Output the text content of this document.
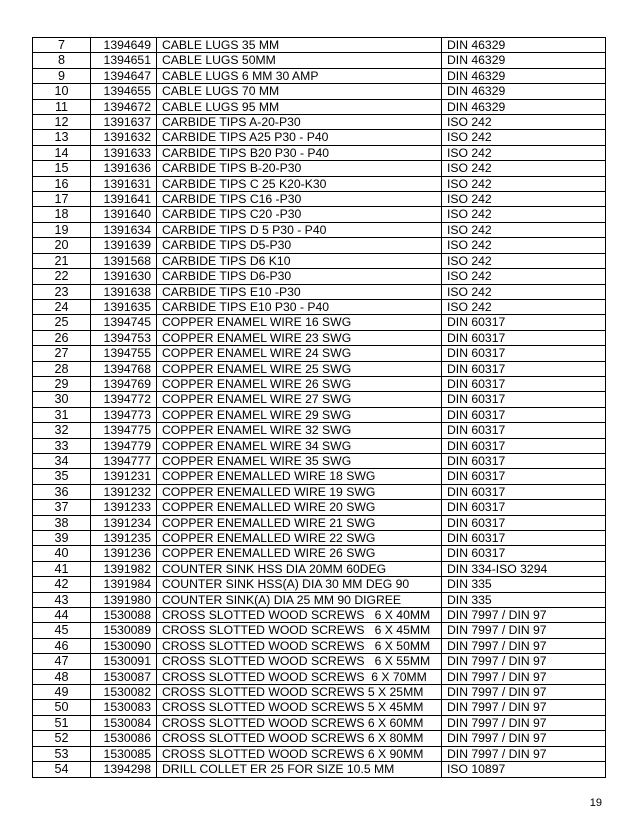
7	1394649	CABLE LUGS 35 MM	DIN 46329
8	1394651	CABLE LUGS 50MM	DIN 46329
9	1394647	CABLE LUGS 6 MM 30 AMP	DIN 46329
10	1394655	CABLE LUGS 70 MM	DIN 46329
11	1394672	CABLE LUGS 95 MM	DIN 46329
12	1391637	CARBIDE TIPS A-20-P30	ISO 242
13	1391632	CARBIDE TIPS A25 P30 - P40	ISO 242
14	1391633	CARBIDE TIPS B20 P30 - P40	ISO 242
15	1391636	CARBIDE TIPS B-20-P30	ISO 242
16	1391631	CARBIDE TIPS C 25 K20-K30	ISO 242
17	1391641	CARBIDE TIPS C16 -P30	ISO 242
18	1391640	CARBIDE TIPS C20 -P30	ISO 242
19	1391634	CARBIDE TIPS D 5 P30 - P40	ISO 242
20	1391639	CARBIDE TIPS D5-P30	ISO 242
21	1391568	CARBIDE TIPS D6 K10	ISO 242
22	1391630	CARBIDE TIPS D6-P30	ISO 242
23	1391638	CARBIDE TIPS E10 -P30	ISO 242
24	1391635	CARBIDE TIPS E10 P30 - P40	ISO 242
25	1394745	COPPER ENAMEL WIRE 16 SWG	DIN 60317
26	1394753	COPPER ENAMEL WIRE 23 SWG	DIN 60317
27	1394755	COPPER ENAMEL WIRE 24 SWG	DIN 60317
28	1394768	COPPER ENAMEL WIRE 25 SWG	DIN 60317
29	1394769	COPPER ENAMEL WIRE 26 SWG	DIN 60317
30	1394772	COPPER ENAMEL WIRE 27 SWG	DIN 60317
31	1394773	COPPER ENAMEL WIRE 29 SWG	DIN 60317
32	1394775	COPPER ENAMEL WIRE 32 SWG	DIN 60317
33	1394779	COPPER ENAMEL WIRE 34 SWG	DIN 60317
34	1394777	COPPER ENAMEL WIRE 35 SWG	DIN 60317
35	1391231	COPPER ENEMALLED WIRE 18 SWG	DIN 60317
36	1391232	COPPER ENEMALLED WIRE 19 SWG	DIN 60317
37	1391233	COPPER ENEMALLED WIRE 20 SWG	DIN 60317
38	1391234	COPPER ENEMALLED WIRE 21 SWG	DIN 60317
39	1391235	COPPER ENEMALLED WIRE 22 SWG	DIN 60317
40	1391236	COPPER ENEMALLED WIRE 26 SWG	DIN 60317
41	1391982	COUNTER SINK HSS DIA 20MM 60DEG	DIN 334-ISO 3294
42	1391984	COUNTER SINK HSS(A) DIA 30 MM DEG 90	DIN 335
43	1391980	COUNTER SINK(A) DIA 25 MM 90 DIGREE	DIN 335
44	1530088	CROSS SLOTTED WOOD SCREWS   6 X 40MM	DIN 7997 / DIN 97
45	1530089	CROSS SLOTTED WOOD SCREWS   6 X 45MM	DIN 7997 / DIN 97
46	1530090	CROSS SLOTTED WOOD SCREWS   6 X 50MM	DIN 7997 / DIN 97
47	1530091	CROSS SLOTTED WOOD SCREWS   6 X 55MM	DIN 7997 / DIN 97
48	1530087	CROSS SLOTTED WOOD SCREWS  6 X 70MM	DIN 7997 / DIN 97
49	1530082	CROSS SLOTTED WOOD SCREWS 5 X 25MM	DIN 7997 / DIN 97
50	1530083	CROSS SLOTTED WOOD SCREWS 5 X 45MM	DIN 7997 / DIN 97
51	1530084	CROSS SLOTTED WOOD SCREWS 6 X 60MM	DIN 7997 / DIN 97
52	1530086	CROSS SLOTTED WOOD SCREWS 6 X 80MM	DIN 7997 / DIN 97
53	1530085	CROSS SLOTTED WOOD SCREWS 6 X 90MM	DIN 7997 / DIN 97
54	1394298	DRILL COLLET ER 25 FOR SIZE 10.5 MM	ISO 10897
19
